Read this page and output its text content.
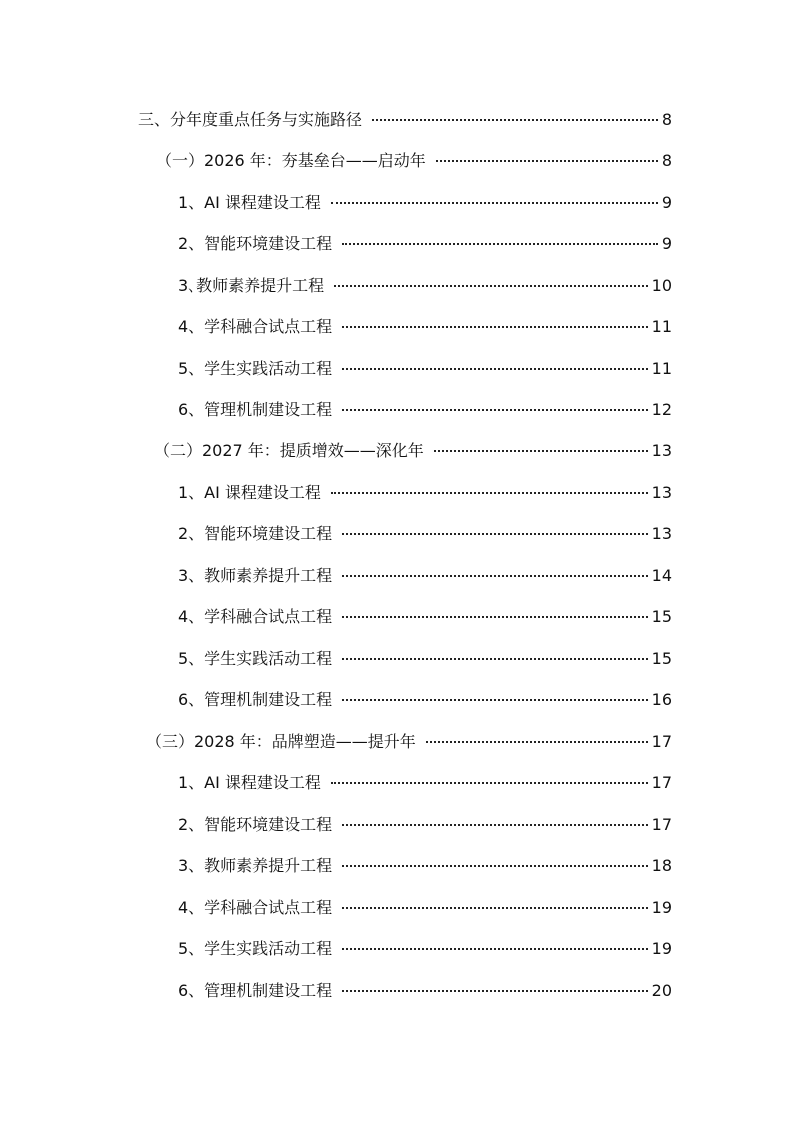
三、分年度重点任务与实施路径	8
（一）2026 年：夯基垒台——启动年	8
1、AI 课程建设工程	9
2、智能环境建设工程	9
3､教师素养提升工程	10
4、学科融合试点工程	11
5、学生实践活动工程	11
6、管理机制建设工程	12
（二）2027 年：提质增效——深化年	13
1、AI 课程建设工程	13
2、智能环境建设工程	13
3、教师素养提升工程	14
4、学科融合试点工程	15
5、学生实践活动工程	15
6、管理机制建设工程	16
（三）2028 年：品牌塑造——提升年	17
1、AI 课程建设工程	17
2、智能环境建设工程	17
3、教师素养提升工程	18
4、学科融合试点工程	19
5、学生实践活动工程	19
6、管理机制建设工程	20
